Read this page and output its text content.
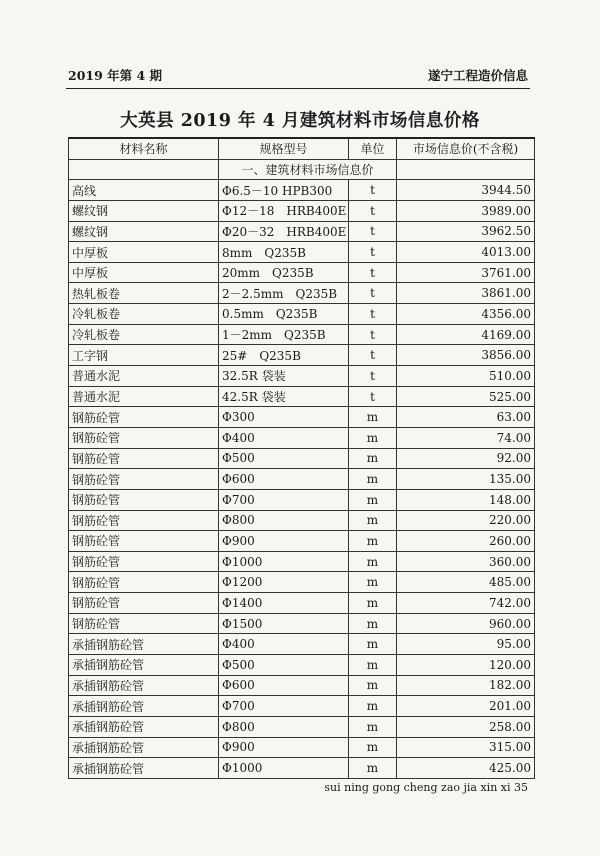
2019 年第 4 期	遂宁工程造价信息
大英县 2019 年 4 月建筑材料市场信息价格
材料名称	规格型号	单位	市场信息价(不含税)
	一、建筑材料市场信息价		
高线	Φ6.5－10 HPB300	t	3944.50
螺纹钢	Φ12－18　HRB400E	t	3989.00
螺纹钢	Φ20－32　HRB400E	t	3962.50
中厚板	8mm　Q235B	t	4013.00
中厚板	20mm　Q235B	t	3761.00
热轧板卷	2－2.5mm　Q235B	t	3861.00
冷轧板卷	0.5mm　Q235B	t	4356.00
冷轧板卷	1－2mm　Q235B	t	4169.00
工字钢	25#　Q235B	t	3856.00
普通水泥	32.5R 袋装	t	510.00
普通水泥	42.5R 袋装	t	525.00
钢筋砼管	Φ300	m	63.00
钢筋砼管	Φ400	m	74.00
钢筋砼管	Φ500	m	92.00
钢筋砼管	Φ600	m	135.00
钢筋砼管	Φ700	m	148.00
钢筋砼管	Φ800	m	220.00
钢筋砼管	Φ900	m	260.00
钢筋砼管	Φ1000	m	360.00
钢筋砼管	Φ1200	m	485.00
钢筋砼管	Φ1400	m	742.00
钢筋砼管	Φ1500	m	960.00
承插钢筋砼管	Φ400	m	95.00
承插钢筋砼管	Φ500	m	120.00
承插钢筋砼管	Φ600	m	182.00
承插钢筋砼管	Φ700	m	201.00
承插钢筋砼管	Φ800	m	258.00
承插钢筋砼管	Φ900	m	315.00
承插钢筋砼管	Φ1000	m	425.00
sui ning gong cheng zao jia xin xi 35
